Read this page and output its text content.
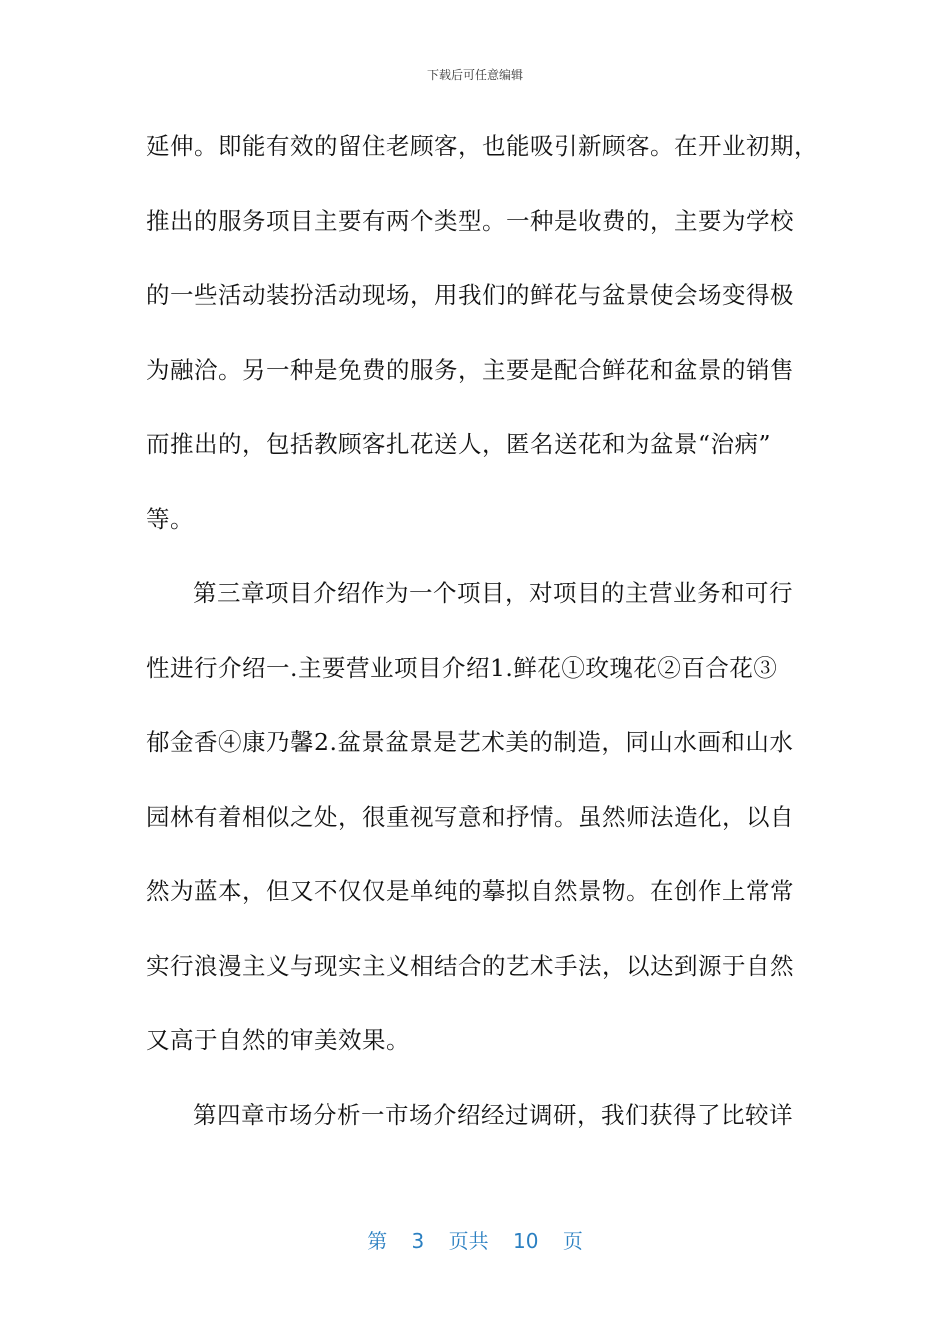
下载后可任意编辑
延伸。即能有效的留住老顾客，也能吸引新顾客。在开业初期，
推出的服务项目主要有两个类型。一种是收费的，主要为学校
的一些活动装扮活动现场，用我们的鲜花与盆景使会场变得极
为融洽。另一种是免费的服务，主要是配合鲜花和盆景的销售
而推出的，包括教顾客扎花送人，匿名送花和为盆景“治病”
等。
第三章项目介绍作为一个项目，对项目的主营业务和可行
性进行介绍一.主要营业项目介绍1.鲜花①玫瑰花②百合花③
郁金香④康乃馨2.盆景盆景是艺术美的制造，同山水画和山水
园林有着相似之处，很重视写意和抒情。虽然师法造化，以自
然为蓝本，但又不仅仅是单纯的摹拟自然景物。在创作上常常
实行浪漫主义与现实主义相结合的艺术手法，以达到源于自然
又高于自然的审美效果。
第四章市场分析一市场介绍经过调研，我们获得了比较详
第 3 页共 10 页
